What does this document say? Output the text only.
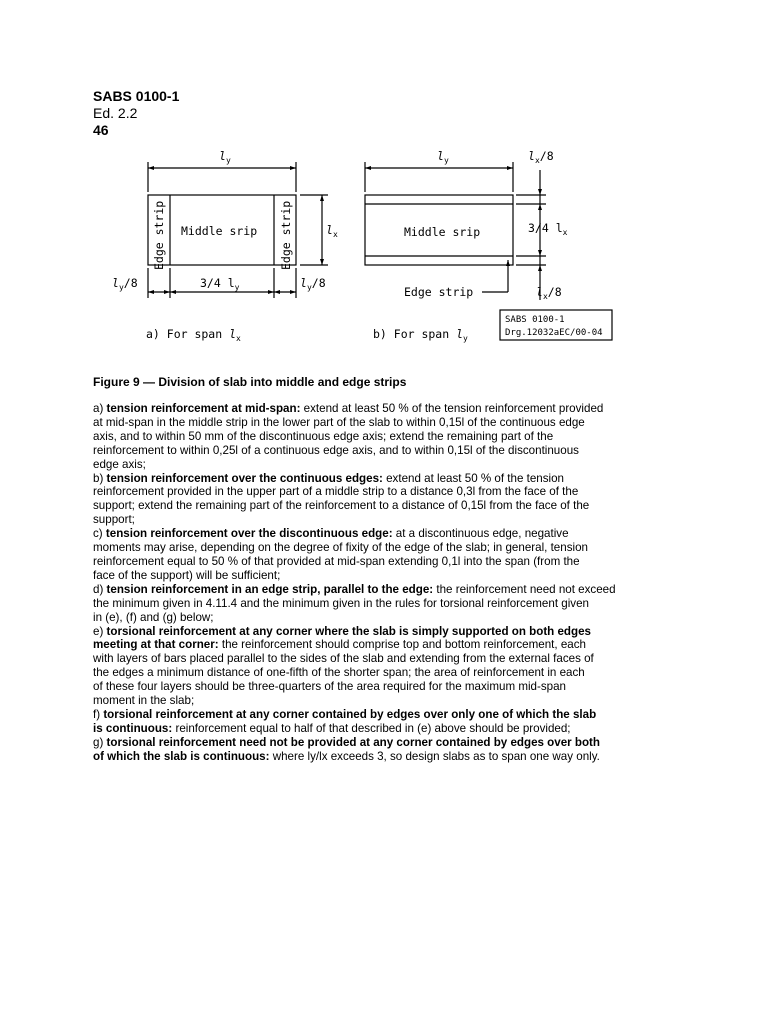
SABS 0100-1
Ed. 2.2
46
$l_y$
$l_x$
Middle srip
Edge strip	Edge strip
$l_y/8$	3/4 $l_y$	$l_y/8$
a) For span $l_x$
$l_y$	$l_x/8$
Middle srip	3/4 $l_x$
Edge strip	$l_x/8$
b) For span $l_y$
SABS 0100-1
Drg.12032aEC/00-04
Figure 9 — Division of slab into middle and edge strips

a) tension reinforcement at mid-span: extend at least 50 % of the tension reinforcement provided
at mid-span in the middle strip in the lower part of the slab to within 0,15l of the continuous edge
axis, and to within 50 mm of the discontinuous edge axis; extend the remaining part of the
reinforcement to within 0,25l of a continuous edge axis, and to within 0,15l of the discontinuous
edge axis;

b) tension reinforcement over the continuous edges: extend at least 50 % of the tension
reinforcement provided in the upper part of a middle strip to a distance 0,3l from the face of the
support; extend the remaining part of the reinforcement to a distance of 0,15l from the face of the
support;

c) tension reinforcement over the discontinuous edge: at a discontinuous edge, negative
moments may arise, depending on the degree of fixity of the edge of the slab; in general, tension
reinforcement equal to 50 % of that provided at mid-span extending 0,1l into the span (from the
face of the support) will be sufficient;

d) tension reinforcement in an edge strip, parallel to the edge: the reinforcement need not exceed
the minimum given in 4.11.4 and the minimum given in the rules for torsional reinforcement given
in (e), (f) and (g) below;

e) torsional reinforcement at any corner where the slab is simply supported on both edges
meeting at that corner: the reinforcement should comprise top and bottom reinforcement, each
with layers of bars placed parallel to the sides of the slab and extending from the external faces of
the edges a minimum distance of one-fifth of the shorter span; the area of reinforcement in each
of these four layers should be three-quarters of the area required for the maximum mid-span
moment in the slab;

f) torsional reinforcement at any corner contained by edges over only one of which the slab
is continuous: reinforcement equal to half of that described in (e) above should be provided;

g) torsional reinforcement need not be provided at any corner contained by edges over both
of which the slab is continuous: where ly/lx exceeds 3, so design slabs as to span one way only.
